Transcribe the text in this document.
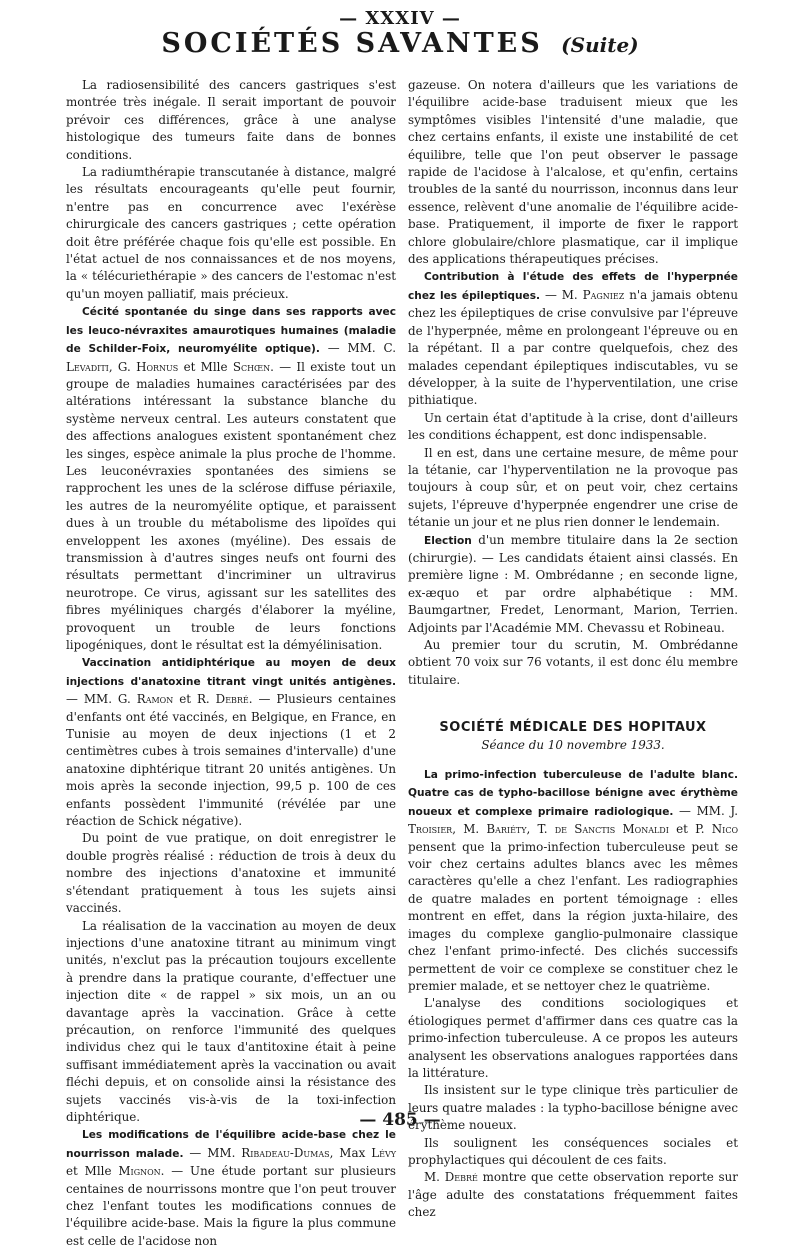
— XXXIV —
SOCIÉTÉS SAVANTES (Suite)

La radiosensibilité des cancers gastriques s'est montrée très inégale. Il serait important de pouvoir prévoir ces différences, grâce à une analyse histologique des tumeurs faite dans de bonnes conditions.

La radiumthérapie transcutanée à distance, malgré les résultats encourageants qu'elle peut fournir, n'entre pas en concurrence avec l'exérèse chirurgicale des cancers gastriques ; cette opération doit être préférée chaque fois qu'elle est possible. En l'état actuel de nos connaissances et de nos moyens, la « télécuriethérapie » des cancers de l'estomac n'est qu'un moyen palliatif, mais précieux.

Cécité spontanée du singe dans ses rapports avec les leuco-névraxites amaurotiques humaines (maladie de Schilder-Foix, neuromyélite optique). — MM. C. Levaditi, G. Hornus et Mlle Schœn. — Il existe tout un groupe de maladies humaines caractérisées par des altérations intéressant la substance blanche du système nerveux central. Les auteurs constatent que des affections analogues existent spontanément chez les singes, espèce animale la plus proche de l'homme. Les leuconévraxies spontanées des simiens se rapprochent les unes de la sclérose diffuse périaxile, les autres de la neuromyélite optique, et paraissent dues à un trouble du métabolisme des lipoïdes qui enveloppent les axones (myéline). Des essais de transmission à d'autres singes neufs ont fourni des résultats permettant d'incriminer un ultravirus neurotrope. Ce virus, agissant sur les satellites des fibres myéliniques chargés d'élaborer la myéline, provoquent un trouble de leurs fonctions lipogéniques, dont le résultat est la démyélinisation.

Vaccination antidiphtérique au moyen de deux injections d'anatoxine titrant vingt unités antigènes. — MM. G. Ramon et R. Debré. — Plusieurs centaines d'enfants ont été vaccinés, en Belgique, en France, en Tunisie au moyen de deux injections (1 et 2 centimètres cubes à trois semaines d'intervalle) d'une anatoxine diphtérique titrant 20 unités antigènes. Un mois après la seconde injection, 99,5 p. 100 de ces enfants possèdent l'immunité (révélée par une réaction de Schick négative).

Du point de vue pratique, on doit enregistrer le double progrès réalisé : réduction de trois à deux du nombre des injections d'anatoxine et immunité s'étendant pratiquement à tous les sujets ainsi vaccinés.

La réalisation de la vaccination au moyen de deux injections d'une anatoxine titrant au minimum vingt unités, n'exclut pas la précaution toujours excellente à prendre dans la pratique courante, d'effectuer une injection dite « de rappel » six mois, un an ou davantage après la vaccination. Grâce à cette précaution, on renforce l'immunité des quelques individus chez qui le taux d'antitoxine était à peine suffisant immédiatement après la vaccination ou avait fléchi depuis, et on consolide ainsi la résistance des sujets vaccinés vis-à-vis de la toxi-infection diphtérique.

Les modifications de l'équilibre acide-base chez le nourrisson malade. — MM. Ribadeau-Dumas, Max Lévy et Mlle Mignon. — Une étude portant sur plusieurs centaines de nourrissons montre que l'on peut trouver chez l'enfant toutes les modifications connues de l'équilibre acide-base. Mais la figure la plus commune est celle de l'acidose non

gazeuse. On notera d'ailleurs que les variations de l'équilibre acide-base traduisent mieux que les symptômes visibles l'intensité d'une maladie, que chez certains enfants, il existe une instabilité de cet équilibre, telle que l'on peut observer le passage rapide de l'acidose à l'alcalose, et qu'enfin, certains troubles de la santé du nourrisson, inconnus dans leur essence, relèvent d'une anomalie de l'équilibre acide-base. Pratiquement, il importe de fixer le rapport chlore globulaire/chlore plasmatique, car il implique des applications thérapeutiques précises.

Contribution à l'étude des effets de l'hyperpnée chez les épileptiques. — M. Pagniez n'a jamais obtenu chez les épileptiques de crise convulsive par l'épreuve de l'hyperpnée, même en prolongeant l'épreuve ou en la répétant. Il a par contre quelquefois, chez des malades cependant épileptiques indiscutables, vu se développer, à la suite de l'hyperventilation, une crise pithiatique.

Un certain état d'aptitude à la crise, dont d'ailleurs les conditions échappent, est donc indispensable.

Il en est, dans une certaine mesure, de même pour la tétanie, car l'hyperventilation ne la provoque pas toujours à coup sûr, et on peut voir, chez certains sujets, l'épreuve d'hyperpnée engendrer une crise de tétanie un jour et ne plus rien donner le lendemain.

Election d'un membre titulaire dans la 2e section (chirurgie). — Les candidats étaient ainsi classés. En première ligne : M. Ombrédanne ; en seconde ligne, ex-æquo et par ordre alphabétique : MM. Baumgartner, Fredet, Lenormant, Marion, Terrien. Adjoints par l'Académie MM. Chevassu et Robineau.

Au premier tour du scrutin, M. Ombrédanne obtient 70 voix sur 76 votants, il est donc élu membre titulaire.

SOCIÉTÉ MÉDICALE DES HOPITAUX
Séance du 10 novembre 1933.

La primo-infection tuberculeuse de l'adulte blanc. Quatre cas de typho-bacillose bénigne avec érythème noueux et complexe primaire radiologique. — MM. J. Troisier, M. Bariéty, T. de Sanctis Monaldi et P. Nico pensent que la primo-infection tuberculeuse peut se voir chez certains adultes blancs avec les mêmes caractères qu'elle a chez l'enfant. Les radiographies de quatre malades en portent témoignage : elles montrent en effet, dans la région juxta-hilaire, des images du complexe ganglio-pulmonaire classique chez l'enfant primo-infecté. Des clichés successifs permettent de voir ce complexe se constituer chez le premier malade, et se nettoyer chez le quatrième.

L'analyse des conditions sociologiques et étiologiques permet d'affirmer dans ces quatre cas la primo-infection tuberculeuse. A ce propos les auteurs analysent les observations analogues rapportées dans la littérature.

Ils insistent sur le type clinique très particulier de leurs quatre malades : la typho-bacillose bénigne avec érythème noueux.

Ils soulignent les conséquences sociales et prophylactiques qui découlent de ces faits.

M. Debré montre que cette observation reporte sur l'âge adulte des constatations fréquemment faites chez

— 485 —
